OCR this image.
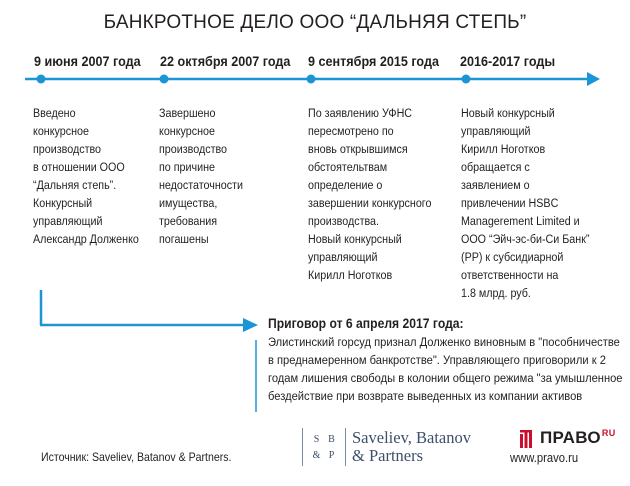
БАНКРОТНОЕ ДЕЛО ООО “ДАЛЬНЯЯ СТЕПЬ”
9 июня 2007 года 22 октября 2007 года 9 сентября 2015 года 2016-2017 годы
Введено
конкурсное
производство
в отношении ООО
“Дальняя степь”.
Конкурсный
управляющий
Александр Долженко
Завершено
конкурсное
производство
по причине
недостаточности
имущества,
требования
погашены
По заявлению УФНС
пересмотрено по
вновь открывшимся
обстоятельтвам
определение о
завершении конкурсного
производства.
Новый конкурсный
управляющий
Кирилл Ноготков
Новый конкурсный
управляющий
Кирилл Ноготков
обращается с
заявлением о
привлечении HSBC
Managerement Limited и
ООО “Эйч-эс-би-Си Банк”
(РР) к субсидиарной
ответственности на
1.8 млрд. руб.
Приговор от 6 апреля 2017 года:
Элистинский горсуд признал Долженко виновным в "пособничестве
в преднамеренном банкротстве". Управляющего приговорили к 2
годам лишения свободы в колонии общего режима "за умышленное
бездействие при возврате выведенных из компании активов
Источник: Saveliev, Batanov & Partners.
S B
& P
Saveliev, Batanov
& Partners
$ПРАВО^{RU}$
www.pravo.ru
